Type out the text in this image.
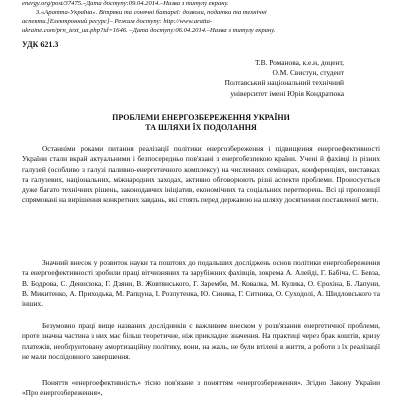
energy.org/post/37475.–Дата доступу:09.04.2014.–Назва з титулу екрану.
3.«Аратта-Україна». Вітряки та сонячні батареї: дозволи, податки та технічні
аспекти.[Електронний ресурс]– Режим доступу: http://www.aratta-
ukraine.com/prn_text_ua.php?id=1646. –Дата доступу:06.04.2014.–Назва з титулу екрану.
УДК 621.3
Т.В. Романова, к.е.н, доцент,
О.М. Свистун, студент
Полтавський національний технічний
університет імені Юрія Кондратюка
ПРОБЛЕМИ ЕНЕРГОЗБЕРЕЖЕННЯ УКРАЇНИ
ТА ШЛЯХИ ЇХ ПОДОЛАННЯ
Останніми роками питання реалізації політики енергозбереження і підвищення енергоефективності України стали вкрай актуальними і безпосередньо пов'язані з енергобезпекою країни. Учені й фахівці із різних галузей (особливо з галузі паливно-енергетичного комплексу) на численних семінарах, конференціях, виставках та галузевих, національних, міжнародних заходах, активно обговорюють різні аспекти проблеми. Проносується дуже багато технічних рішень, законодавчих ініціатив, економічних та соціальних перетворень. Всі ці пропозиції спрямовані на вирішення конкретних завдань, які стоять перед державою на шляху досягнення поставленої мети.
Значний внесок у розвиток науки та поштовх до подальших досліджень основ політики енергозбереження та енергоефективності зробили праці вітчизняних та зарубіжних фахівців, зокрема А. Алейді, Г. Бабіча, С. Бевза, В. Бодрова, С. Денисюка, Г. Дзяни, В. Жовтянського, Г. Заремби, М. Ковалка, М. Кулика, О. Єрохіна, Б. Лапуни, В. Микитенко, А. Приходька, М. Рапцуна, І. Розпутенка, Ю. Синяка, Г. Ситника, О. Суходолі, А. Шидловського та інших.
Безумовно праці вище названих дослідників є важливим внеском у розв'язання енергетичної проблеми, проте значна частина з них має більш теоретичне, ніж прикладне значення. На практиці через брак коштів, кризу платежів, необґрунтовану амортизаційну політику, вони, на жаль, не були втілені в життя, а роботи з їх реалізації не мали послідовного завершення.
Поняття «енергоефективність» тісно пов'язане з поняттям «енергозбереження». Згідно Закону України «Про енергозбереження»,
